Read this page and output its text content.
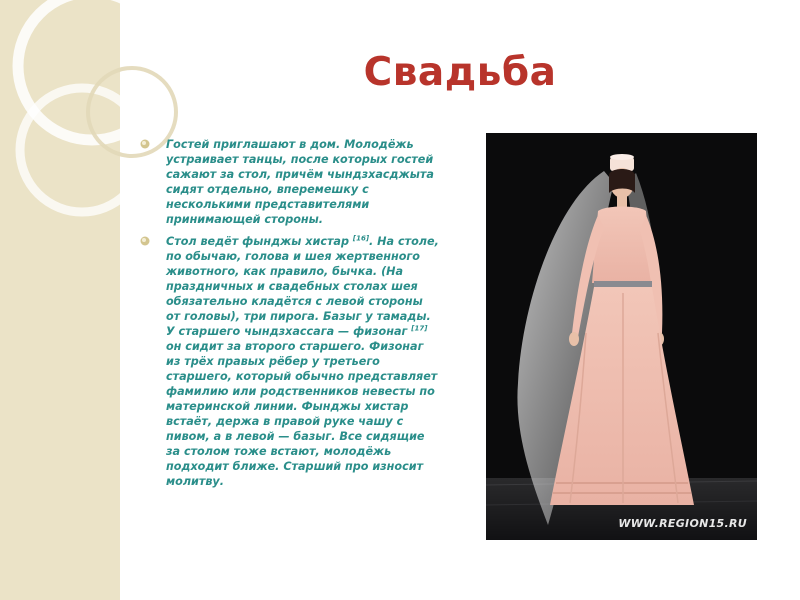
Свадьба
Гостей приглашают в дом. Молодёжь устраивает танцы, после которых гостей сажают за стол, причём чындзхасджыта сидят отдельно, вперемешку с несколькими представителями принимающей стороны.
Стол ведёт фынджы хистар [16]. На столе, по обычаю, голова и шея жертвенного животного, как правило, бычка. (На праздничных и свадебных столах шея обязательно кладётся с левой стороны от головы), три пирога. Базыг у тамады. У старшего чындзхассага — физонаг [17] он сидит за второго старшего. Физонаг из трёх правых рёбер у третьего старшего, который обычно представляет фамилию или родственников невесты по материнской линии. Фынджы хистар встаёт, держа в правой руке чашу с пивом, а в левой — базыг. Все сидящие за столом тоже встают, молодёжь подходит ближе. Старший про износит молитву.
WWW.REGION15.RU
